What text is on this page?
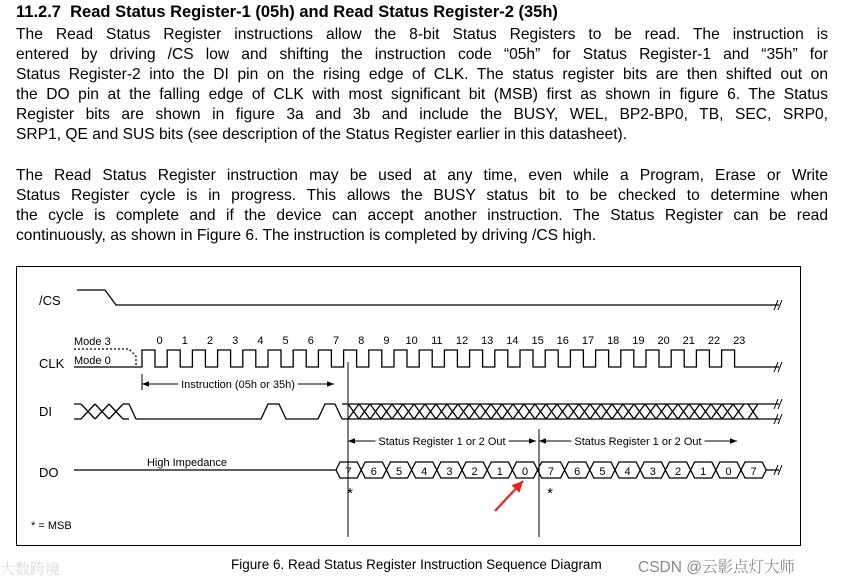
11.2.7 Read Status Register-1 (05h) and Read Status Register-2 (35h)
The Read Status Register instructions allow the 8-bit Status Registers to be read. The instruction is
entered by driving /CS low and shifting the instruction code “05h” for Status Register-1 and “35h” for
Status Register-2 into the DI pin on the rising edge of CLK. The status register bits are then shifted out on
the DO pin at the falling edge of CLK with most significant bit (MSB) first as shown in figure 6. The Status
Register bits are shown in figure 3a and 3b and include the BUSY, WEL, BP2-BP0, TB, SEC, SRP0,
SRP1, QE and SUS bits (see description of the Status Register earlier in this datasheet).
The Read Status Register instruction may be used at any time, even while a Program, Erase or Write
Status Register cycle is in progress. This allows the BUSY status bit to be checked to determine when
the cycle is complete and if the device can accept another instruction. The Status Register can be read
continuously, as shown in Figure 6. The instruction is completed by driving /CS high.
/CS
CLK
DI
DO
0 1 2 3 4 5 6 7 8 9 10 11 12 13 14 15 16 17 18 19 20 21 22 23
Mode 3
Mode 0
Instruction (05h or 35h)
Status Register 1 or 2 Out	Status Register 1 or 2 Out
High Impedance
7 6 5 4 3 2 1 0 7 6 5 4 3 2 1 0 7
*	*
* = MSB
Figure 6. Read Status Register Instruction Sequence Diagram
大数跨境	CSDN @云影点灯大师
